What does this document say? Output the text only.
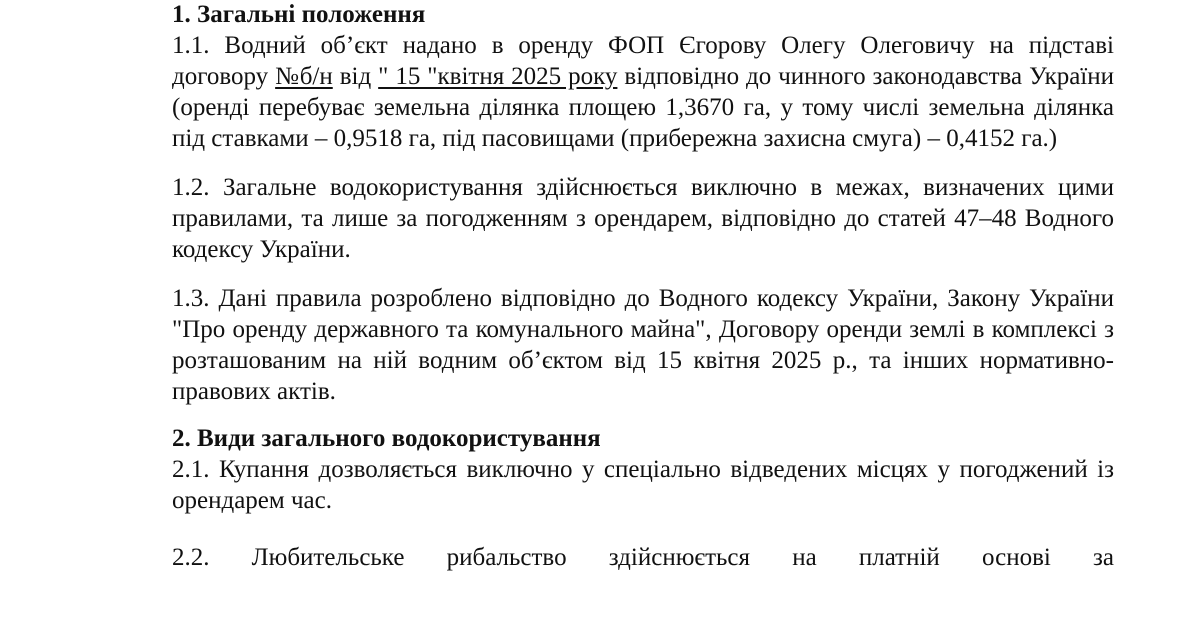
1. Загальні положення

1.1. Водний об’єкт надано в оренду ФОП Єгорову Олегу Олеговичу на підставі договору №б/н від " 15 "квітня 2025 року відповідно до чинного законодавства України (оренді перебуває земельна ділянка площею 1,3670 га, у тому числі земельна ділянка під ставками – 0,9518 га, під пасовищами (прибережна захисна смуга) – 0,4152 га.)

1.2. Загальне водокористування здійснюється виключно в межах, визначених цими правилами, та лише за погодженням з орендарем, відповідно до статей 47–48 Водного кодексу України.

1.3. Дані правила розроблено відповідно до Водного кодексу України, Закону України "Про оренду державного та комунального майна", Договору оренди землі в комплексі з розташованим на ній водним об’єктом від 15 квітня 2025 р., та інших нормативно-правових актів.

2. Види загального водокористування

2.1. Купання дозволяється виключно у спеціально відведених місцях у погоджений із орендарем час.

2.2. Любительське рибальство здійснюється на платній основі за
